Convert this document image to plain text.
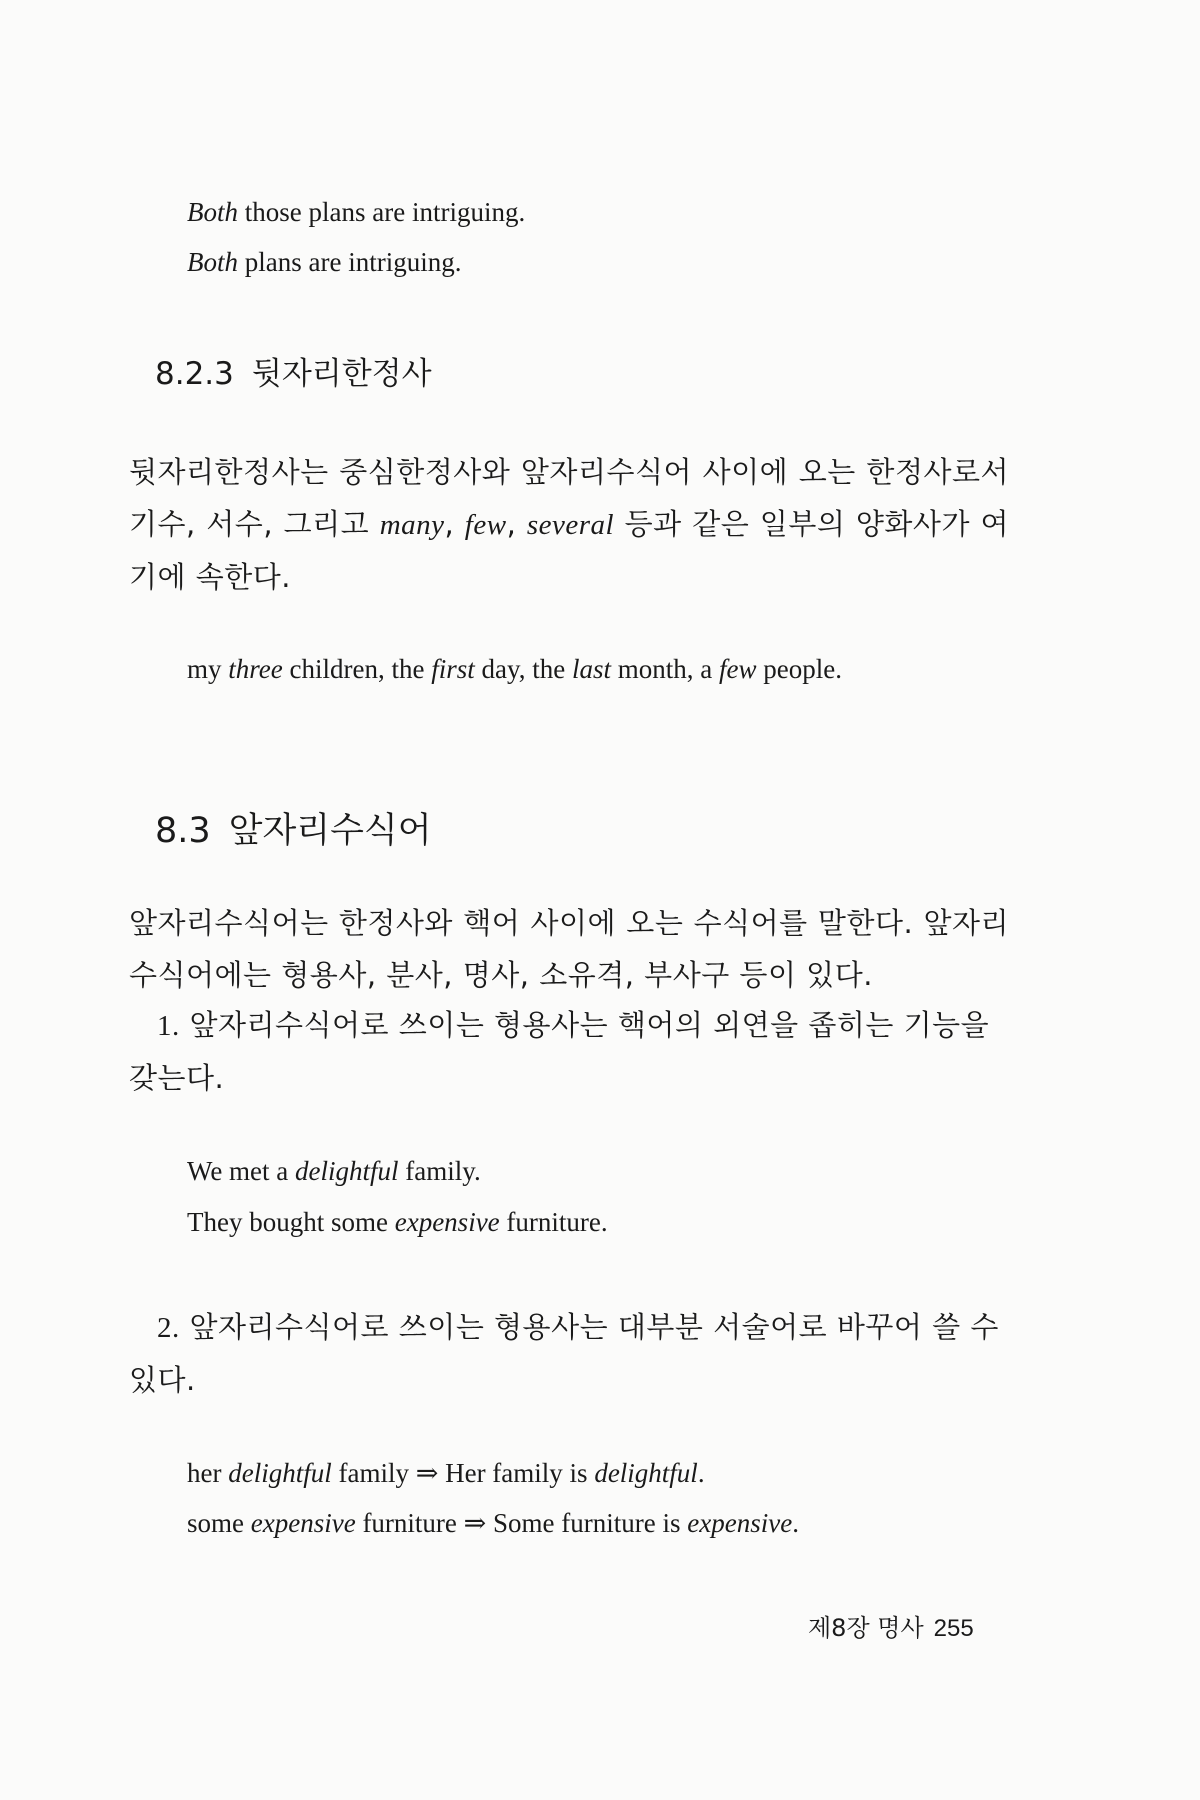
Both those plans are intriguing.
Both plans are intriguing.
8.2.3 뒷자리한정사
뒷자리한정사는 중심한정사와 앞자리수식어 사이에 오는 한정사로서 기수, 서수, 그리고 many, few, several 등과 같은 일부의 양화사가 여기에 속한다.
my three children, the first day, the last month, a few people.
8.3 앞자리수식어
앞자리수식어는 한정사와 핵어 사이에 오는 수식어를 말한다. 앞자리수식어에는 형용사, 분사, 명사, 소유격, 부사구 등이 있다.
1. 앞자리수식어로 쓰이는 형용사는 핵어의 외연을 좁히는 기능을 갖는다.
We met a delightful family.
They bought some expensive furniture.
2. 앞자리수식어로 쓰이는 형용사는 대부분 서술어로 바꾸어 쓸 수 있다.
her delightful family ⇒ Her family is delightful.
some expensive furniture ⇒ Some furniture is expensive.
제8장 명사 255
